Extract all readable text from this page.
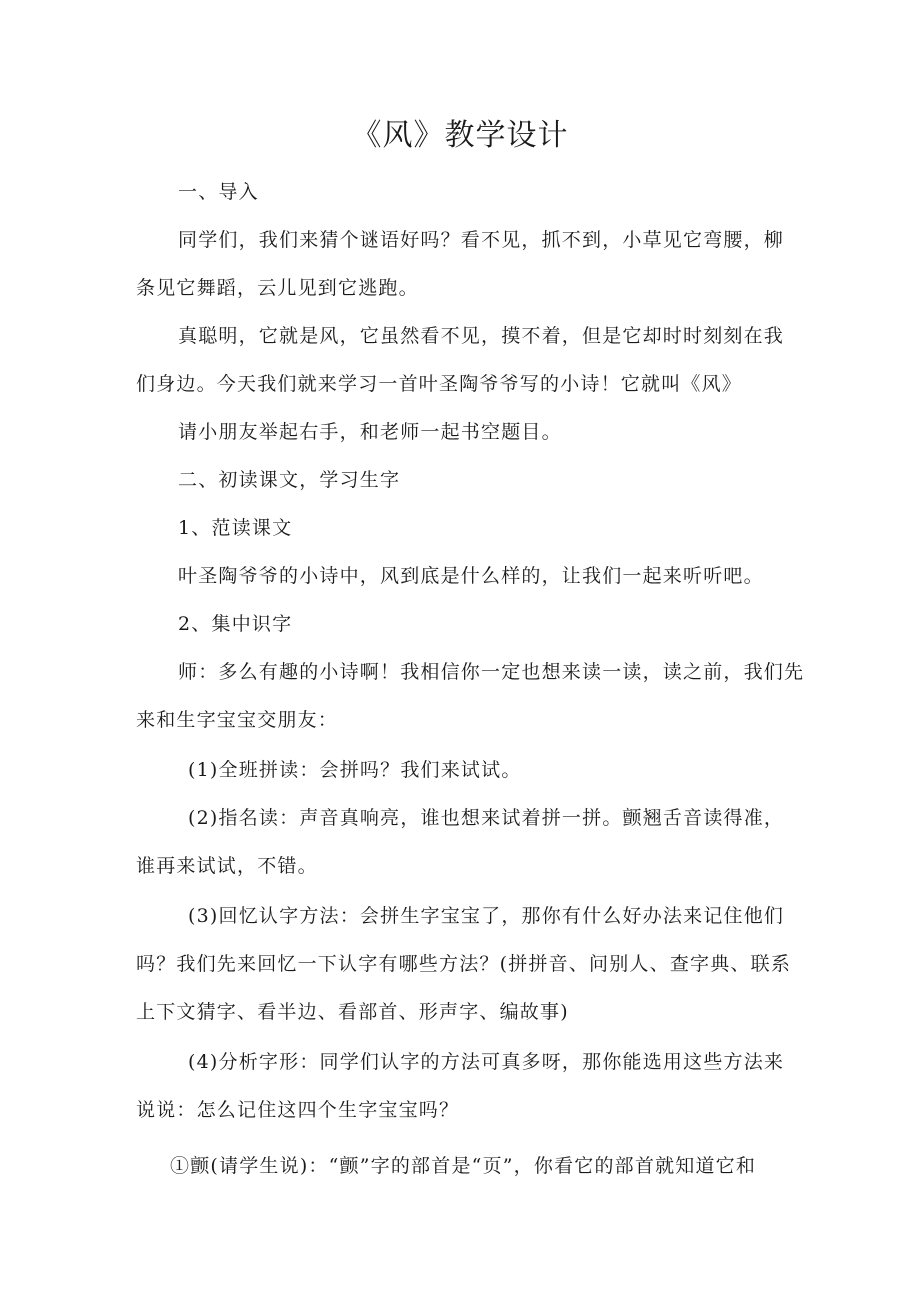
《风》教学设计
一、导入
同学们，我们来猜个谜语好吗？看不见，抓不到，小草见它弯腰，柳
条见它舞蹈，云儿见到它逃跑。
真聪明，它就是风，它虽然看不见，摸不着，但是它却时时刻刻在我
们身边。今天我们就来学习一首叶圣陶爷爷写的小诗！它就叫《风》
请小朋友举起右手，和老师一起书空题目。
二、初读课文，学习生字
1、范读课文
叶圣陶爷爷的小诗中，风到底是什么样的，让我们一起来听听吧。
2、集中识字
师：多么有趣的小诗啊！我相信你一定也想来读一读，读之前，我们先
来和生字宝宝交朋友：
(1)全班拼读：会拼吗？我们来试试。
(2)指名读：声音真响亮，谁也想来试着拼一拼。颤翘舌音读得准，
谁再来试试，不错。
(3)回忆认字方法：会拼生字宝宝了，那你有什么好办法来记住他们
吗？我们先来回忆一下认字有哪些方法？(拼拼音、问别人、查字典、联系
上下文猜字、看半边、看部首、形声字、编故事)
(4)分析字形：同学们认字的方法可真多呀，那你能选用这些方法来
说说：怎么记住这四个生字宝宝吗？
①颤(请学生说)：“颤”字的部首是“页”，你看它的部首就知道它和
